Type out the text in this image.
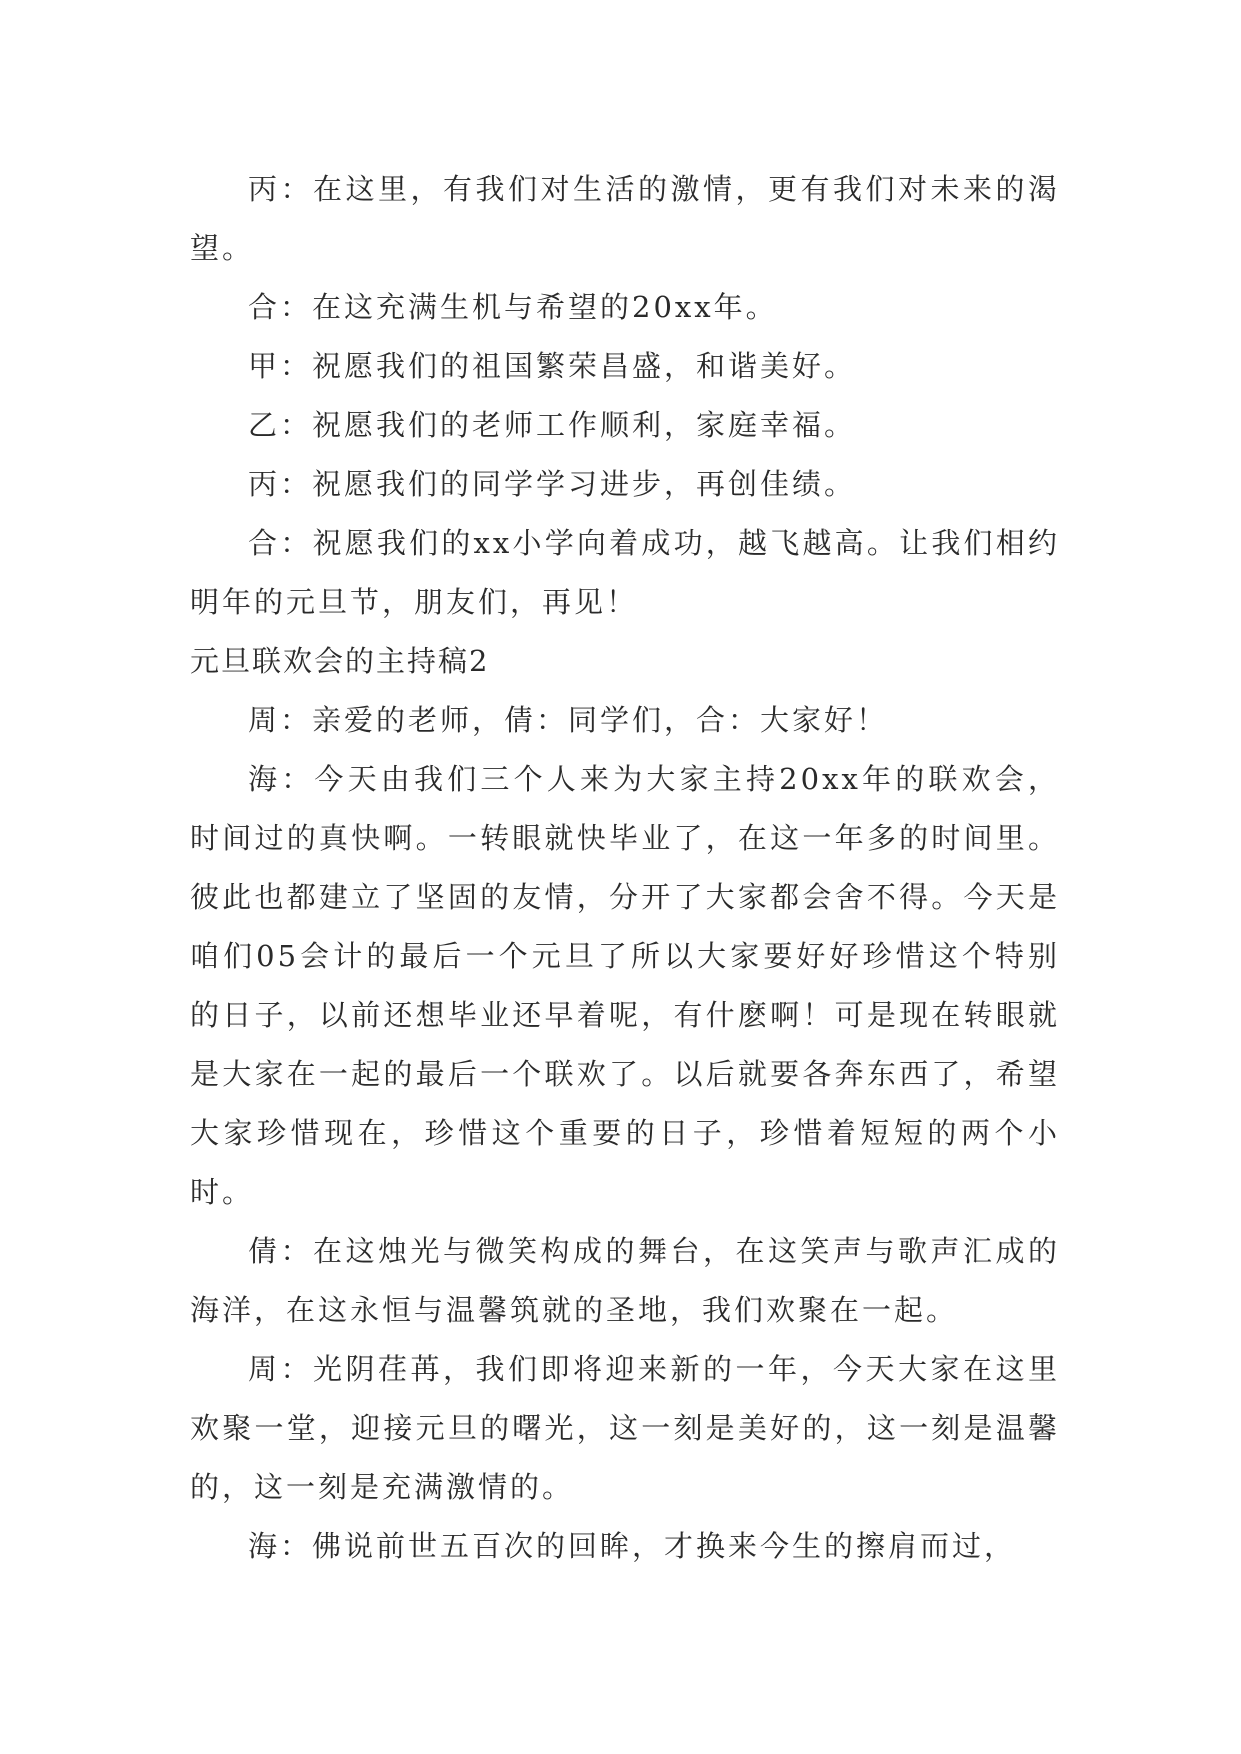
丙：在这里，有我们对生活的激情，更有我们对未来的渴望。

合：在这充满生机与希望的20xx年。

甲：祝愿我们的祖国繁荣昌盛，和谐美好。

乙：祝愿我们的老师工作顺利，家庭幸福。

丙：祝愿我们的同学学习进步，再创佳绩。

合：祝愿我们的xx小学向着成功，越飞越高。让我们相约明年的元旦节，朋友们，再见！

元旦联欢会的主持稿2

周：亲爱的老师，倩：同学们，合：大家好！

海：今天由我们三个人来为大家主持20xx年的联欢会，时间过的真快啊。一转眼就快毕业了，在这一年多的时间里。彼此也都建立了坚固的友情，分开了大家都会舍不得。今天是咱们05会计的最后一个元旦了所以大家要好好珍惜这个特别的日子，以前还想毕业还早着呢，有什麽啊！可是现在转眼就是大家在一起的最后一个联欢了。以后就要各奔东西了，希望大家珍惜现在，珍惜这个重要的日子，珍惜着短短的两个小时。

倩：在这烛光与微笑构成的舞台，在这笑声与歌声汇成的海洋，在这永恒与温馨筑就的圣地，我们欢聚在一起。

周：光阴荏苒，我们即将迎来新的一年，今天大家在这里欢聚一堂，迎接元旦的曙光，这一刻是美好的，这一刻是温馨的，这一刻是充满激情的。

海：佛说前世五百次的回眸，才换来今生的擦肩而过，
